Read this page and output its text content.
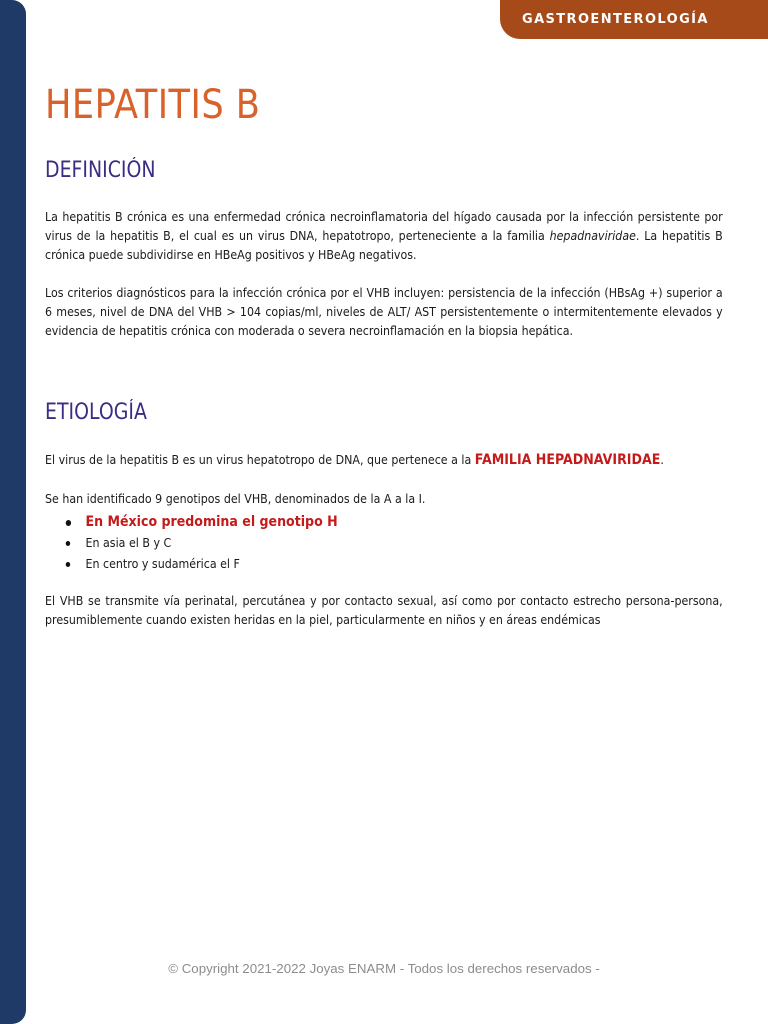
J
O
Y
A
S
E
N
A
R
M
GASTROENTEROLOGÍA
HEPATITIS B
DEFINICIÓN

La hepatitis B crónica es una enfermedad crónica necroinflamatoria del hígado causada por la infección persistente por virus de la hepatitis B, el cual es un virus DNA, hepatotropo, perteneciente a la familia hepadnaviridae. La hepatitis B crónica puede subdividirse en HBeAg positivos y HBeAg negativos.

Los criterios diagnósticos para la infección crónica por el VHB incluyen: persistencia de la infección (HBsAg +) superior a 6 meses, nivel de DNA del VHB > 104 copias/ml, niveles de ALT/ AST persistentemente o intermitentemente elevados y evidencia de hepatitis crónica con moderada o severa necroinflamación en la biopsia hepática.

ETIOLOGÍA

El virus de la hepatitis B es un virus hepatotropo de DNA, que pertenece a la FAMILIA HEPADNAVIRIDAE.

Se han identificado 9 genotipos del VHB, denominados de la A a la I.

En México predomina el genotipo H
En asia el B y C
En centro y sudamérica el F

El VHB se transmite vía perinatal, percutánea y por contacto sexual, así como por contacto estrecho persona-persona, presumiblemente cuando existen heridas en la piel, particularmente en niños y en áreas endémicas

© Copyright 2021-2022 Joyas ENARM - Todos los derechos reservados -
